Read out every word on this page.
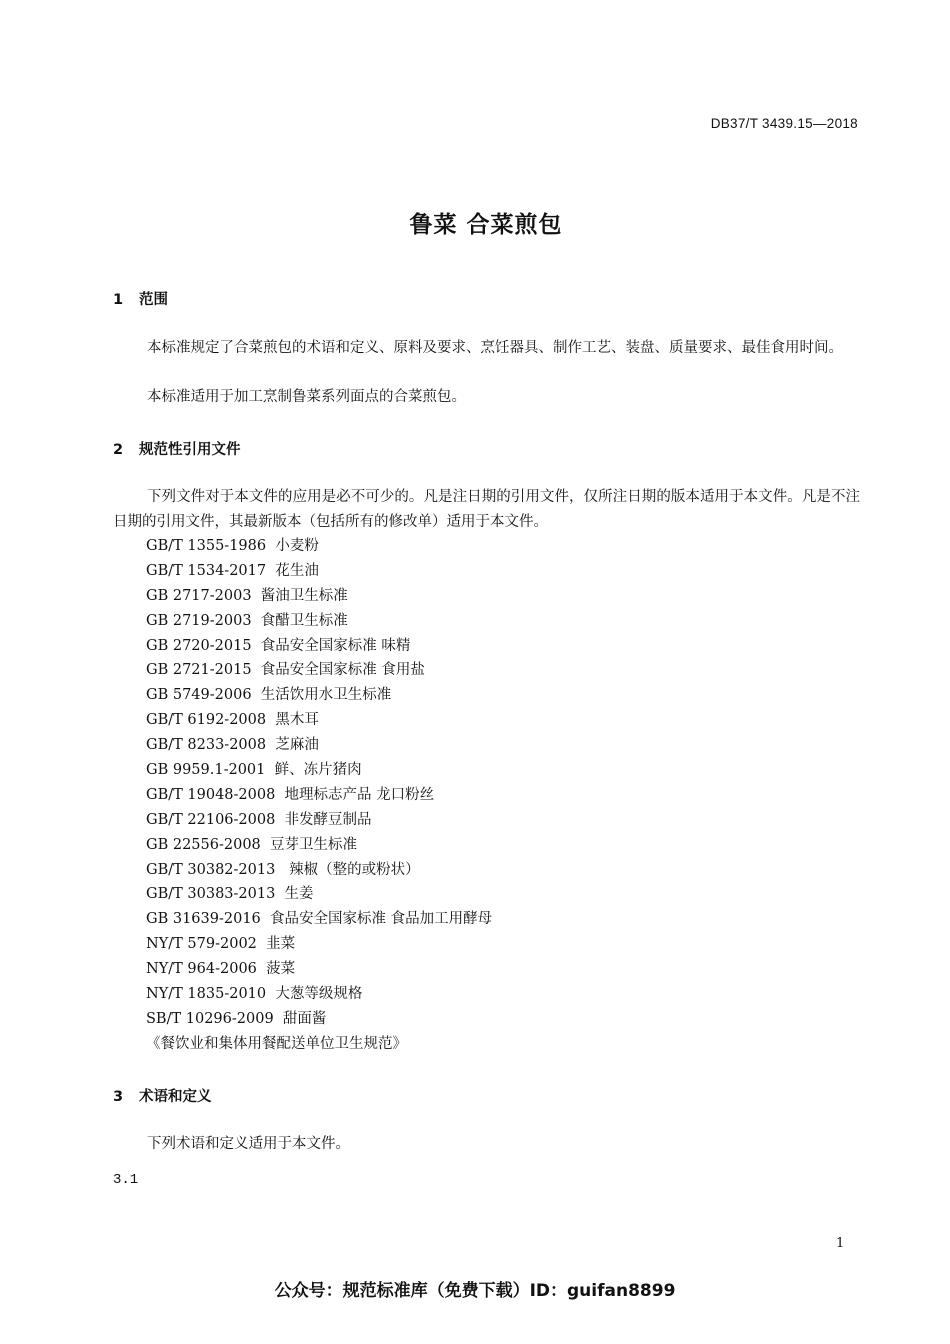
DB37/T 3439.15—2018
鲁菜 合菜煎包
1 范围
本标准规定了合菜煎包的术语和定义、原料及要求、烹饪器具、制作工艺、装盘、质量要求、最佳食用时间。
本标准适用于加工烹制鲁菜系列面点的合菜煎包。
2 规范性引用文件
下列文件对于本文件的应用是必不可少的。凡是注日期的引用文件，仅所注日期的版本适用于本文件。凡是不注日期的引用文件，其最新版本（包括所有的修改单）适用于本文件。
GB/T 1355-1986  小麦粉
GB/T 1534-2017  花生油
GB 2717-2003  酱油卫生标准
GB 2719-2003  食醋卫生标准
GB 2720-2015  食品安全国家标准 味精
GB 2721-2015  食品安全国家标准 食用盐
GB 5749-2006  生活饮用水卫生标准
GB/T 6192-2008  黑木耳
GB/T 8233-2008  芝麻油
GB 9959.1-2001  鲜、冻片猪肉
GB/T 19048-2008  地理标志产品 龙口粉丝
GB/T 22106-2008  非发酵豆制品
GB 22556-2008  豆芽卫生标准
GB/T 30382-2013   辣椒（整的或粉状）
GB/T 30383-2013  生姜
GB 31639-2016  食品安全国家标准 食品加工用酵母
NY/T 579-2002  韭菜
NY/T 964-2006  菠菜
NY/T 1835-2010  大葱等级规格
SB/T 10296-2009  甜面酱
《餐饮业和集体用餐配送单位卫生规范》
3 术语和定义
下列术语和定义适用于本文件。
3.1
1
公众号：规范标准库（免费下载）ID：guifan8899
